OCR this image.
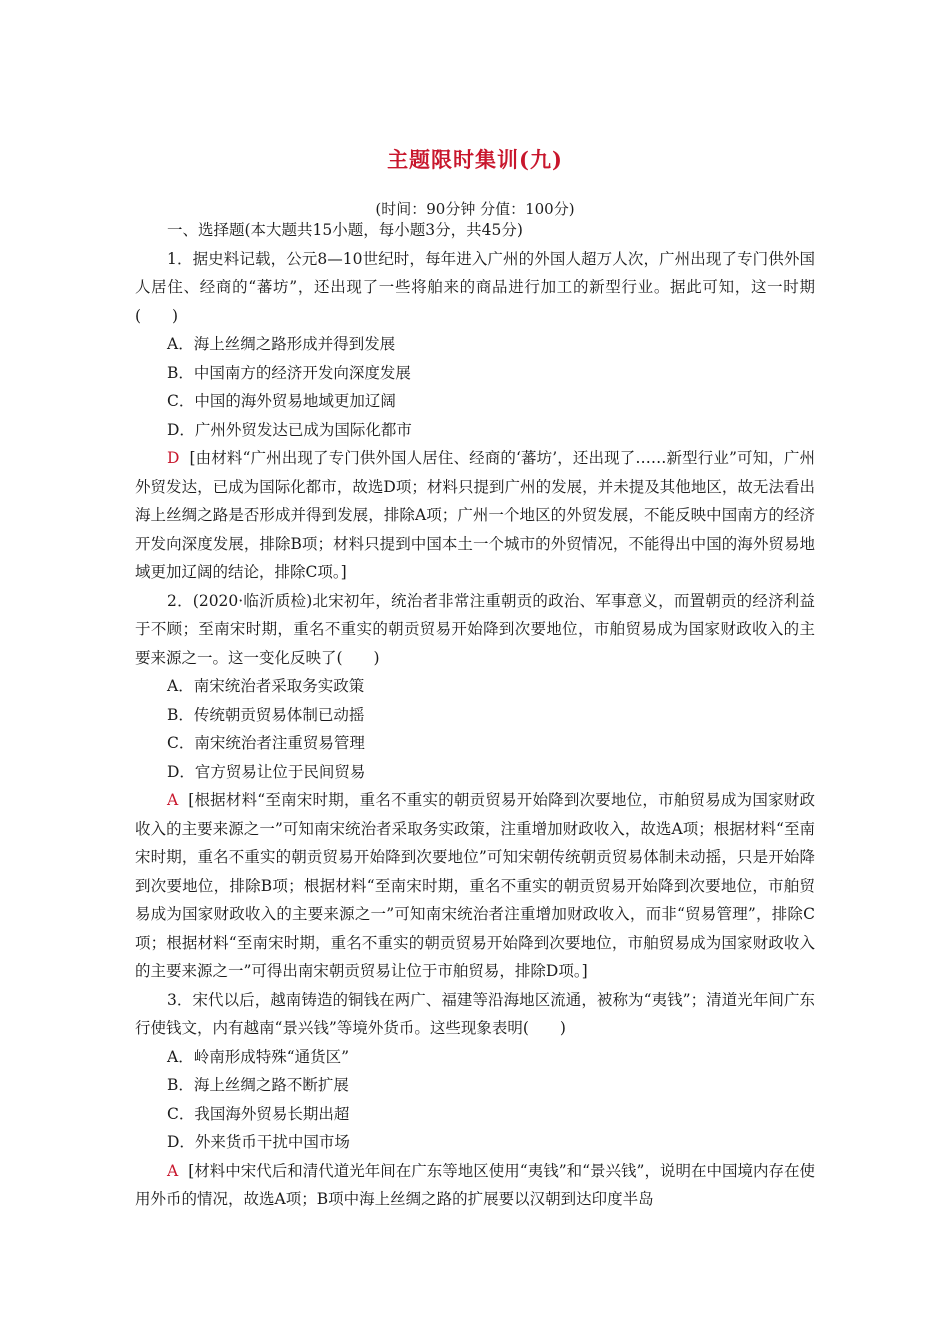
主题限时集训(九)
(时间：90分钟 分值：100分)

一、选择题(本大题共15小题，每小题3分，共45分)

1．据史料记载，公元8—10世纪时，每年进入广州的外国人超万人次，广州出现了专门供外国人居住、经商的“蕃坊”，还出现了一些将舶来的商品进行加工的新型行业。据此可知，这一时期(　　)

A．海上丝绸之路形成并得到发展

B．中国南方的经济开发向深度发展

C．中国的海外贸易地域更加辽阔

D．广州外贸发达已成为国际化都市

D [由材料“广州出现了专门供外国人居住、经商的‘蕃坊’，还出现了……新型行业”可知，广州外贸发达，已成为国际化都市，故选D项；材料只提到广州的发展，并未提及其他地区，故无法看出海上丝绸之路是否形成并得到发展，排除A项；广州一个地区的外贸发展，不能反映中国南方的经济开发向深度发展，排除B项；材料只提到中国本土一个城市的外贸情况，不能得出中国的海外贸易地域更加辽阔的结论，排除C项。]

2．(2020·临沂质检)北宋初年，统治者非常注重朝贡的政治、军事意义，而置朝贡的经济利益于不顾；至南宋时期，重名不重实的朝贡贸易开始降到次要地位，市舶贸易成为国家财政收入的主要来源之一。这一变化反映了(　　)

A．南宋统治者采取务实政策

B．传统朝贡贸易体制已动摇

C．南宋统治者注重贸易管理

D．官方贸易让位于民间贸易

A [根据材料“至南宋时期，重名不重实的朝贡贸易开始降到次要地位，市舶贸易成为国家财政收入的主要来源之一”可知南宋统治者采取务实政策，注重增加财政收入，故选A项；根据材料“至南宋时期，重名不重实的朝贡贸易开始降到次要地位”可知宋朝传统朝贡贸易体制未动摇，只是开始降到次要地位，排除B项；根据材料“至南宋时期，重名不重实的朝贡贸易开始降到次要地位，市舶贸易成为国家财政收入的主要来源之一”可知南宋统治者注重增加财政收入，而非“贸易管理”，排除C项；根据材料“至南宋时期，重名不重实的朝贡贸易开始降到次要地位，市舶贸易成为国家财政收入的主要来源之一”可得出南宋朝贡贸易让位于市舶贸易，排除D项。]

3．宋代以后，越南铸造的铜钱在两广、福建等沿海地区流通，被称为“夷钱”；清道光年间广东行使钱文，内有越南“景兴钱”等境外货币。这些现象表明(　　)

A．岭南形成特殊“通货区”

B．海上丝绸之路不断扩展

C．我国海外贸易长期出超

D．外来货币干扰中国市场

A [材料中宋代后和清代道光年间在广东等地区使用“夷钱”和“景兴钱”，说明在中国境内存在使用外币的情况，故选A项；B项中海上丝绸之路的扩展要以汉朝到达印度半岛
